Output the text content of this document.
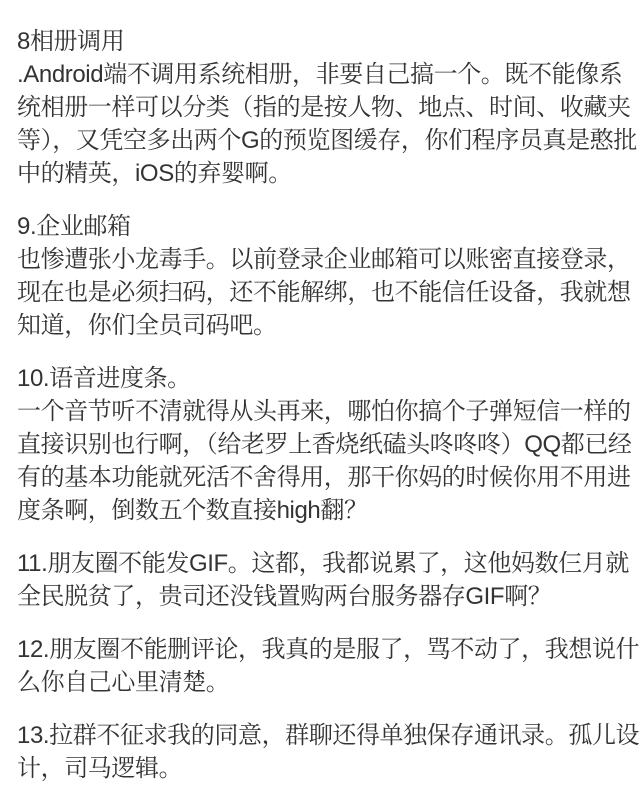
8相册调用
.Android端不调用系统相册，非要自己搞一个。既不能像系
统相册一样可以分类（指的是按人物、地点、时间、收藏夹
等），又凭空多出两个G的预览图缓存，你们程序员真是憨批
中的精英，iOS的弃婴啊。
9.企业邮箱
也惨遭张小龙毒手。以前登录企业邮箱可以账密直接登录，
现在也是必须扫码，还不能解绑，也不能信任设备，我就想
知道，你们全员司码吧。
10.语音进度条。
一个音节听不清就得从头再来，哪怕你搞个子弹短信一样的
直接识别也行啊，（给老罗上香烧纸磕头咚咚咚）QQ都已经
有的基本功能就死活不舍得用，那干你妈的时候你用不用进
度条啊，倒数五个数直接high翻？
11.朋友圈不能发GIF。这都，我都说累了，这他妈数仨月就
全民脱贫了，贵司还没钱置购两台服务器存GIF啊？
12.朋友圈不能删评论，我真的是服了，骂不动了，我想说什
么你自己心里清楚。
13.拉群不征求我的同意，群聊还得单独保存通讯录。孤儿设
计，司马逻辑。
